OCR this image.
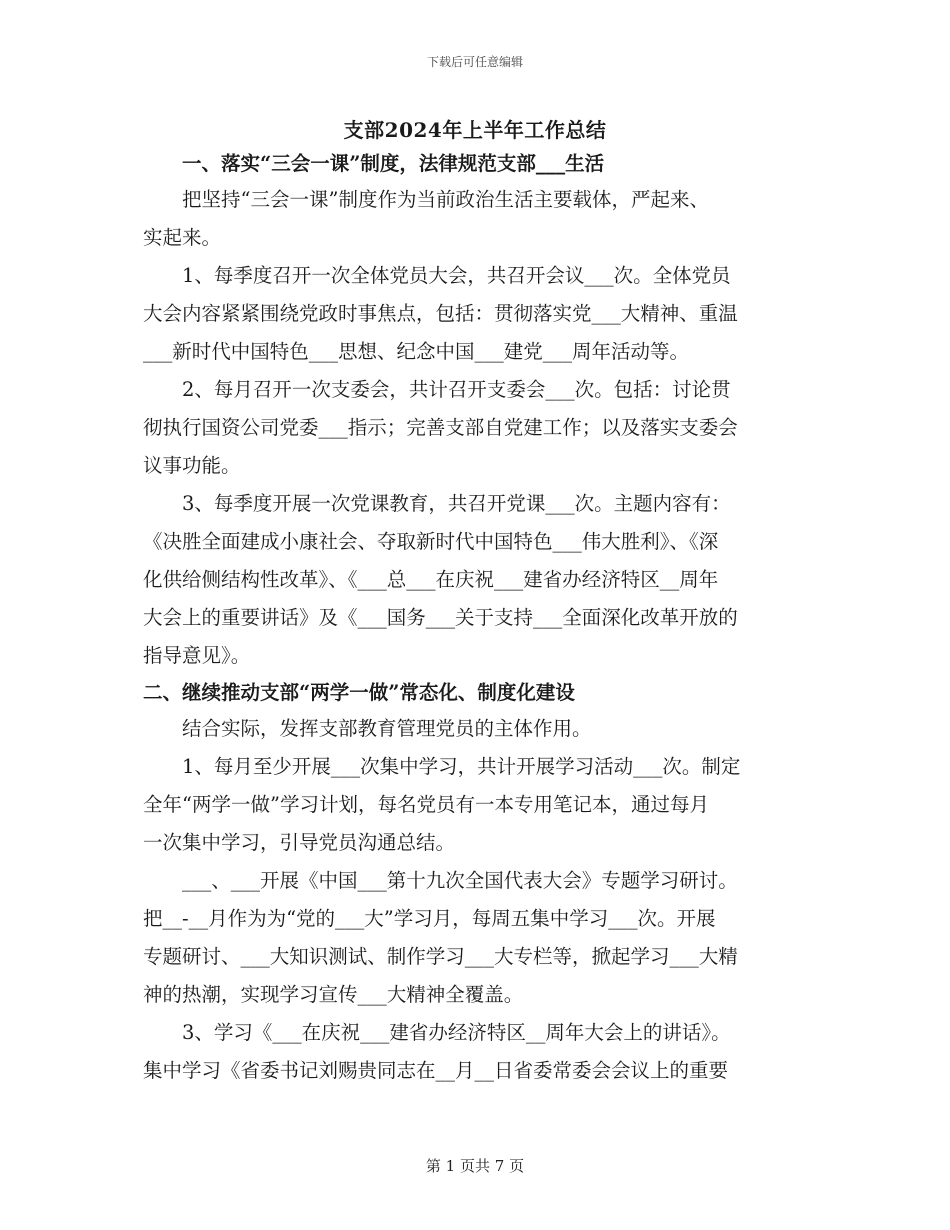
下载后可任意编辑
支部2024年上半年工作总结
　　一、落实“三会一课”制度，法律规范支部___生活
　　把坚持“三会一课”制度作为当前政治生活主要载体，严起来、
实起来。
　　1、每季度召开一次全体党员大会，共召开会议___次。全体党员
大会内容紧紧围绕党政时事焦点，包括：贯彻落实党___大精神、重温
___新时代中国特色___思想、纪念中国___建党___周年活动等。
　　2、每月召开一次支委会，共计召开支委会___次。包括：讨论贯
彻执行国资公司党委___指示；完善支部自党建工作；以及落实支委会
议事功能。
　　3、每季度开展一次党课教育，共召开党课___次。主题内容有：
《决胜全面建成小康社会、夺取新时代中国特色___伟大胜利》、《深
化供给侧结构性改革》、《___总___在庆祝___建省办经济特区__周年
大会上的重要讲话》及《___国务___关于支持___全面深化改革开放的
指导意见》。
二、继续推动支部“两学一做”常态化、制度化建设
　　结合实际，发挥支部教育管理党员的主体作用。
　　1、每月至少开展___次集中学习，共计开展学习活动___次。制定
全年“两学一做”学习计划，每名党员有一本专用笔记本，通过每月
一次集中学习，引导党员沟通总结。
　　___、___开展《中国___第十九次全国代表大会》专题学习研讨。
把__-__月作为为“党的___大”学习月，每周五集中学习___次。开展
专题研讨、___大知识测试、制作学习___大专栏等，掀起学习___大精
神的热潮，实现学习宣传___大精神全覆盖。
　　3、学习《___在庆祝___建省办经济特区__周年大会上的讲话》。
集中学习《省委书记刘赐贵同志在__月__日省委常委会会议上的重要
第 1 页共 7 页
